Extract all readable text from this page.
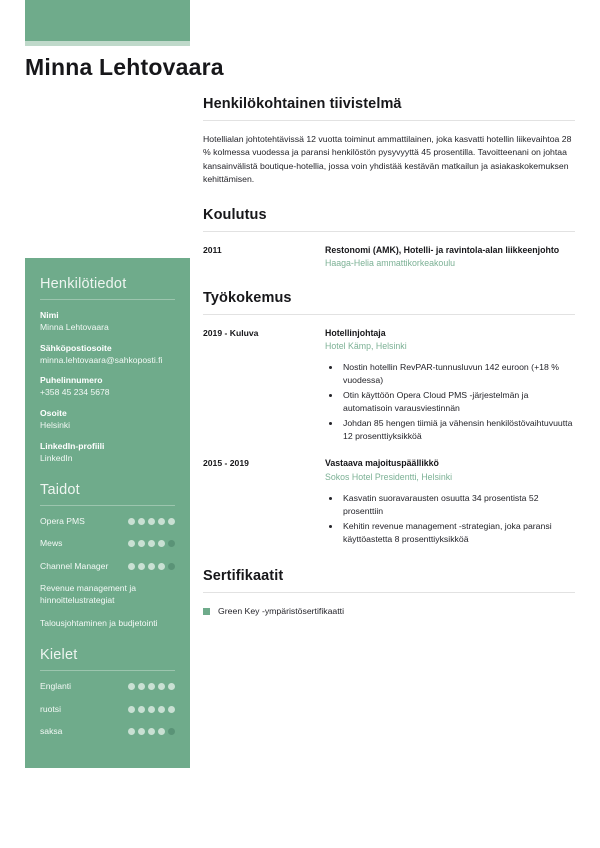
Minna Lehtovaara
Henkilötiedot
Nimi
Minna Lehtovaara
Sähköpostiosoite
minna.lehtovaara@sahkoposti.fi
Puhelinnumero
+358 45 234 5678
Osoite
Helsinki
LinkedIn-profiili
LinkedIn
Taidot
Opera PMS
Mews
Channel Manager
Revenue management ja hinnoittelustrategiat
Talousjohtaminen ja budjetointi
Kielet
Englanti
ruotsi
saksa
Henkilökohtainen tiivistelmä

Hotellialan johtotehtävissä 12 vuotta toiminut ammattilainen, joka kasvatti hotellin liikevaihtoa 28 % kolmessa vuodessa ja paransi henkilöstön pysyvyyttä 45 prosentilla. Tavoitteenani on johtaa kansainvälistä boutique-hotellia, jossa voin yhdistää kestävän matkailun ja asiakaskokemuksen kehittämisen.

Koulutus
2011	Restonomi (AMK), Hotelli- ja ravintola-alan liikkeenjohto
Haaga-Helia ammattikorkeakoulu
Työkokemus
2019 - Kuluva	Hotellinjohtaja
Hotel Kämp, Helsinki
• Nostin hotellin RevPAR-tunnusluvun 142 euroon (+18 % vuodessa)
• Otin käyttöön Opera Cloud PMS -järjestelmän ja automatisoin varausviestinnän
• Johdan 85 hengen tiimiä ja vähensin henkilöstövaihtuvuutta 12 prosenttiyksikköä
2015 - 2019	Vastaava majoituspäällikkö
Sokos Hotel Presidentti, Helsinki
• Kasvatin suoravarausten osuutta 34 prosentista 52 prosenttiin
• Kehitin revenue management -strategian, joka paransi käyttöastetta 8 prosenttiyksikköä
Sertifikaatit
Green Key -ympäristösertifikaatti
